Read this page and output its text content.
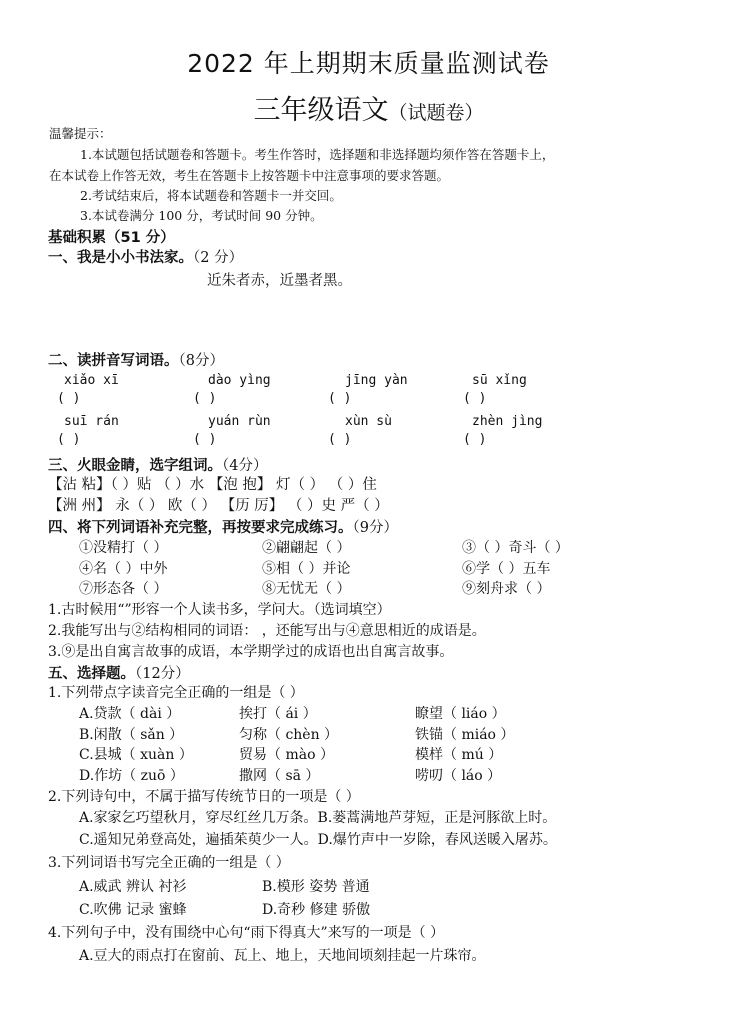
2022 年上期期末质量监测试卷
三年级语文（试题卷）
温馨提示：
1.本试题包括试题卷和答题卡。考生作答时，选择题和非选择题均须作答在答题卡上，
在本试卷上作答无效，考生在答题卡上按答题卡中注意事项的要求答题。
2.考试结束后，将本试题卷和答题卡一并交回。
3.本试卷满分 100 分，考试时间 90 分钟。
基础积累（51 分）
一、我是小小书法家。（2 分）
近朱者赤，近墨者黑。
二、读拼音写词语。（8分）
xiǎo xī	dào yìng	jīng yàn	sū xǐng
( )	( )	( )	( )
suī rán	yuán rùn	xùn sù	zhèn jìng
( )	( )	( )	( )
三、火眼金睛，选字组词。（4分）
【沾 粘】（ ）贴 （ ）水 【泡 抱】 灯（ ） （ ）住
【洲 州】 永（ ） 欧（ ） 【历 厉】 （ ）史 严（ ）
四、将下列词语补充完整，再按要求完成练习。（9分）
①没精打（ ）	②翩翩起（ ）	③（ ）奇斗（ ）
④名（ ）中外	⑤相（ ）并论	⑥学（ ）五车
⑦形态各（ ）	⑧无忧无（ ）	⑨刻舟求（ ）
1.古时候用“”形容一个人读书多，学问大。（选词填空）
2.我能写出与②结构相同的词语： ，还能写出与④意思相近的成语是。
3.⑨是出自寓言故事的成语，本学期学过的成语也出自寓言故事。
五、选择题。（12分）
1.下列带点字读音完全正确的一组是（ ）
A.贷款（ dài ）	挨打（ ái ）	瞭望（ liáo ）
B.闲散（ sǎn ）	匀称（ chèn ）	铁锚（ miáo ）
C.县城（ xuàn ）	贸易（ mào ）	模样（ mú ）
D.作坊（ zuō ）	撒网（ sā ）	唠叨（ láo ）
2.下列诗句中，不属于描写传统节日的一项是（ ）
A.家家乞巧望秋月，穿尽红丝几万条。B.蒌蒿满地芦芽短，正是河豚欲上时。
C.遥知兄弟登高处，遍插茱萸少一人。D.爆竹声中一岁除，春风送暖入屠苏。
3.下列词语书写完全正确的一组是（ ）
A.威武 辨认 衬衫	B.模形 姿势 普通
C.吹佛 记录 蜜蜂	D.奇秒 修建 骄傲
4.下列句子中，没有围绕中心句“雨下得真大”来写的一项是（ ）
A.豆大的雨点打在窗前、瓦上、地上，天地间顷刻挂起一片珠帘。
